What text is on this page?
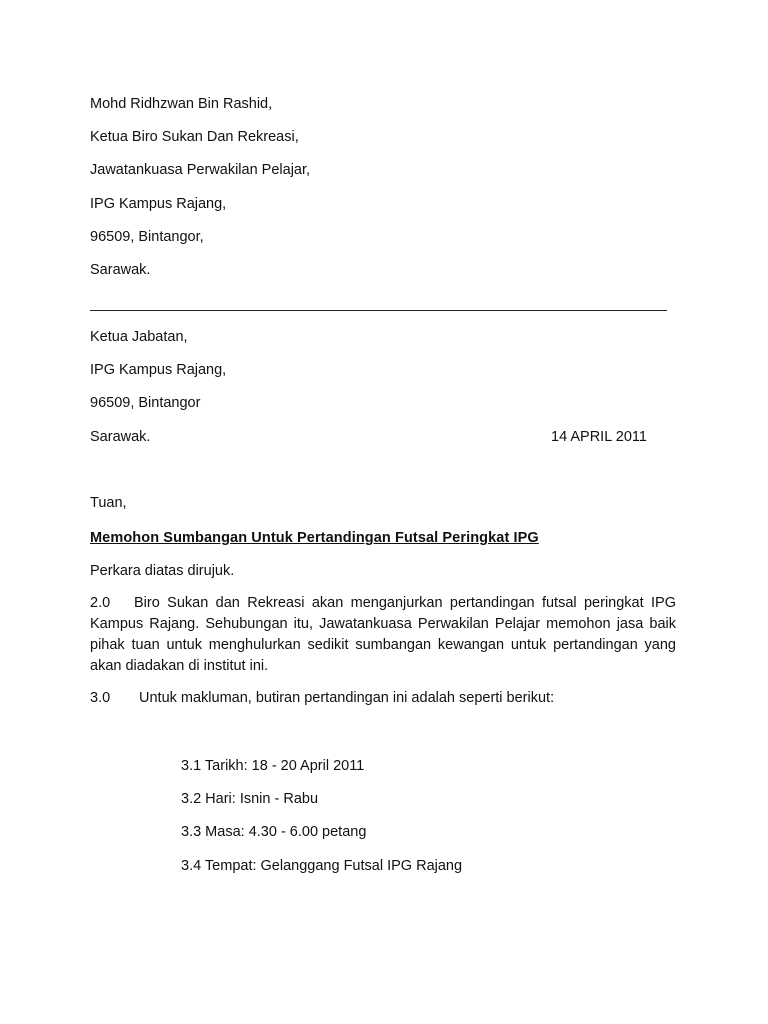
Mohd Ridhzwan Bin Rashid,
Ketua Biro Sukan Dan Rekreasi,
Jawatankuasa Perwakilan Pelajar,
IPG Kampus Rajang,
96509, Bintangor,
Sarawak.
Ketua Jabatan,
IPG Kampus Rajang,
96509, Bintangor
Sarawak.	14 APRIL 2011
Tuan,
Memohon Sumbangan Untuk Pertandingan Futsal Peringkat IPG
Perkara diatas dirujuk.
2.0 Biro Sukan dan Rekreasi akan menganjurkan pertandingan futsal peringkat IPG Kampus Rajang. Sehubungan itu, Jawatankuasa Perwakilan Pelajar memohon jasa baik pihak tuan untuk menghulurkan sedikit sumbangan kewangan untuk pertandingan yang akan diadakan di institut ini.
3.0 Untuk makluman, butiran pertandingan ini adalah seperti berikut:
3.1 Tarikh: 18 - 20 April 2011
3.2 Hari: Isnin - Rabu
3.3 Masa: 4.30 - 6.00 petang
3.4 Tempat: Gelanggang Futsal IPG Rajang
